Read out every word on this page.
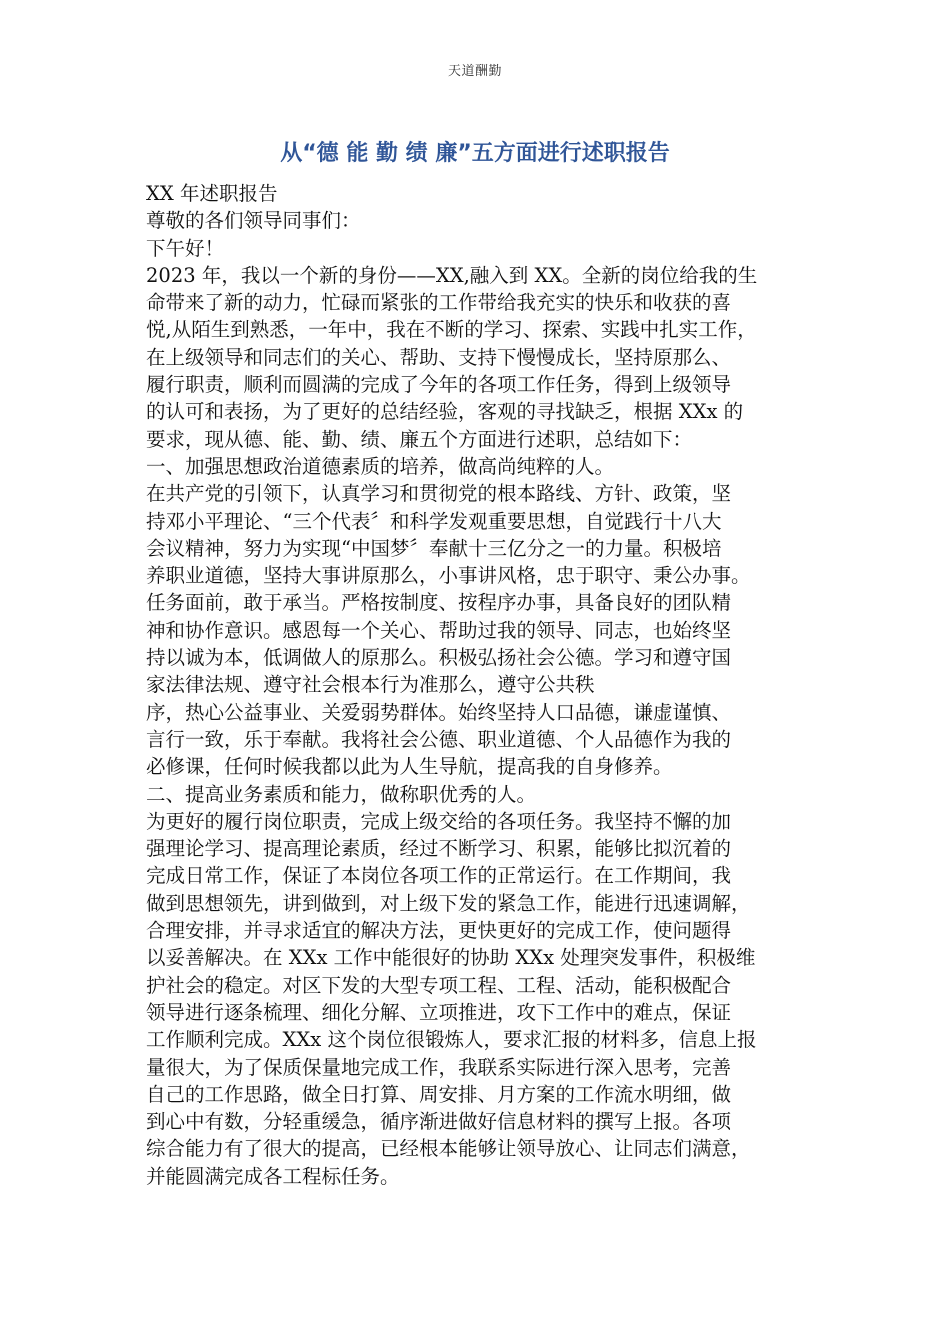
天道酬勤
从“德 能 勤 绩 廉”五方面进行述职报告
XX 年述职报告
尊敬的各们领导同事们：
下午好！
2023 年，我以一个新的身份——XX,融入到 XX。全新的岗位给我的生
命带来了新的动力，忙碌而紧张的工作带给我充实的快乐和收获的喜
悦,从陌生到熟悉，一年中，我在不断的学习、探索、实践中扎实工作，
在上级领导和同志们的关心、帮助、支持下慢慢成长，坚持原那么、
履行职责，顺利而圆满的完成了今年的各项工作任务，得到上级领导
的认可和表扬，为了更好的总结经验，客观的寻找缺乏，根据 XXx 的
要求，现从德、能、勤、绩、廉五个方面进行述职，总结如下：
一、加强思想政治道德素质的培养，做高尚纯粹的人。
在共产党的引领下，认真学习和贯彻党的根本路线、方针、政策，坚
持邓小平理论、“三个代表〞和科学发观重要思想，自觉践行十八大
会议精神，努力为实现“中国梦〞奉献十三亿分之一的力量。积极培
养职业道德，坚持大事讲原那么，小事讲风格，忠于职守、秉公办事。
任务面前，敢于承当。严格按制度、按程序办事，具备良好的团队精
神和协作意识。感恩每一个关心、帮助过我的领导、同志，也始终坚
持以诚为本，低调做人的原那么。积极弘扬社会公德。学习和遵守国
家法律法规、遵守社会根本行为准那么，遵守公共秩
序，热心公益事业、关爱弱势群体。始终坚持人口品德，谦虚谨慎、
言行一致，乐于奉献。我将社会公德、职业道德、个人品德作为我的
必修课，任何时候我都以此为人生导航，提高我的自身修养。
二、提高业务素质和能力，做称职优秀的人。
为更好的履行岗位职责，完成上级交给的各项任务。我坚持不懈的加
强理论学习、提高理论素质，经过不断学习、积累，能够比拟沉着的
完成日常工作，保证了本岗位各项工作的正常运行。在工作期间，我
做到思想领先，讲到做到，对上级下发的紧急工作，能进行迅速调解，
合理安排，并寻求适宜的解决方法，更快更好的完成工作，使问题得
以妥善解决。在 XXx 工作中能很好的协助 XXx 处理突发事件，积极维
护社会的稳定。对区下发的大型专项工程、工程、活动，能积极配合
领导进行逐条梳理、细化分解、立项推进，攻下工作中的难点，保证
工作顺利完成。XXx 这个岗位很锻炼人，要求汇报的材料多，信息上报
量很大，为了保质保量地完成工作，我联系实际进行深入思考，完善
自己的工作思路，做全日打算、周安排、月方案的工作流水明细，做
到心中有数，分轻重缓急，循序渐进做好信息材料的撰写上报。各项
综合能力有了很大的提高，已经根本能够让领导放心、让同志们满意，
并能圆满完成各工程标任务。
